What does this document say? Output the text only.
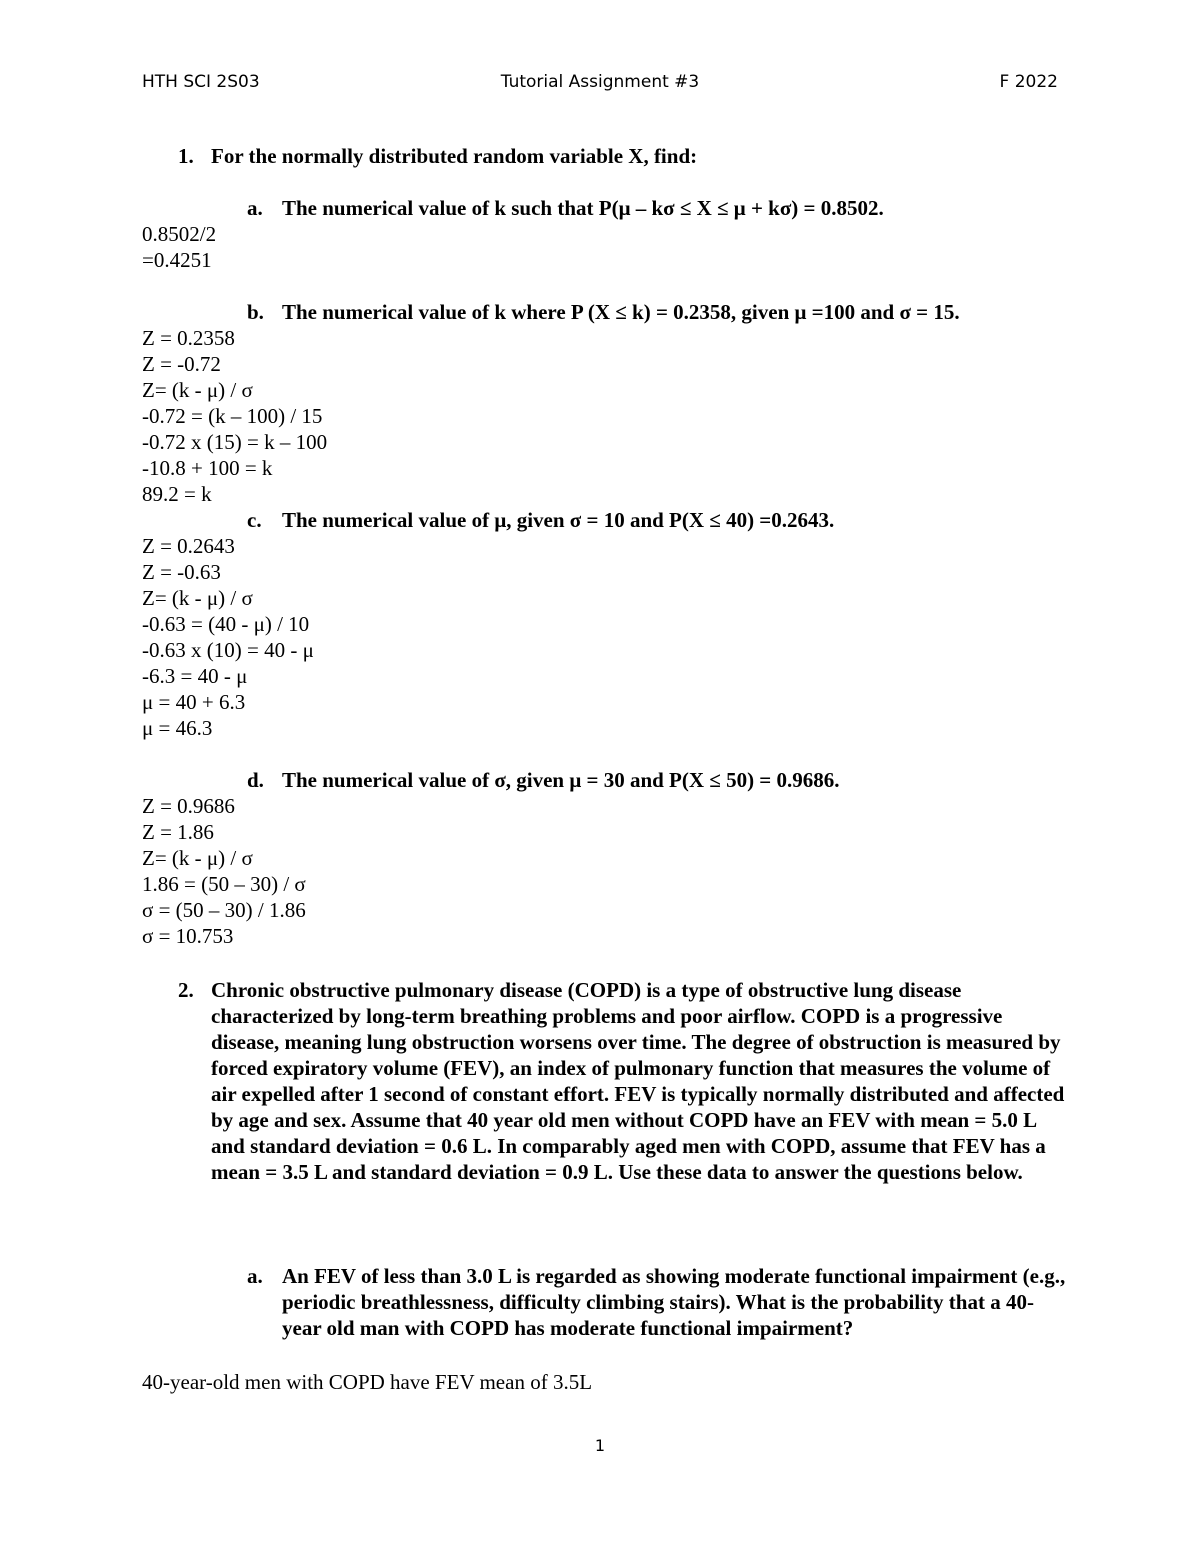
HTH SCI 2S03	Tutorial Assignment #3	F 2022
1. For the normally distributed random variable X, find:
a. The numerical value of k such that P(μ – kσ ≤ X ≤ μ + kσ) = 0.8502.
0.8502/2
=0.4251
b. The numerical value of k where P (X ≤ k) = 0.2358, given μ =100 and σ = 15.
Z = 0.2358
Z = -0.72
Z= (k - μ) / σ
-0.72 = (k – 100) / 15
-0.72 x (15) = k – 100
-10.8 + 100 = k
89.2 = k
c. The numerical value of μ, given σ = 10 and P(X ≤ 40) =0.2643.
Z = 0.2643
Z = -0.63
Z= (k - μ) / σ
-0.63 = (40 - μ) / 10
-0.63 x (10) = 40 - μ
-6.3 = 40 - μ
μ = 40 + 6.3
μ = 46.3
d. The numerical value of σ, given μ = 30 and P(X ≤ 50) = 0.9686.
Z = 0.9686
Z = 1.86
Z= (k - μ) / σ
1.86 = (50 – 30) / σ
σ = (50 – 30) / 1.86
σ = 10.753
2. Chronic obstructive pulmonary disease (COPD) is a type of obstructive lung disease characterized by long-term breathing problems and poor airflow. COPD is a progressive disease, meaning lung obstruction worsens over time. The degree of obstruction is measured by forced expiratory volume (FEV), an index of pulmonary function that measures the volume of air expelled after 1 second of constant effort. FEV is typically normally distributed and affected by age and sex. Assume that 40 year old men without COPD have an FEV with mean = 5.0 L and standard deviation = 0.6 L. In comparably aged men with COPD, assume that FEV has a mean = 3.5 L and standard deviation = 0.9 L. Use these data to answer the questions below.
a. An FEV of less than 3.0 L is regarded as showing moderate functional impairment (e.g., periodic breathlessness, difficulty climbing stairs). What is the probability that a 40-year old man with COPD has moderate functional impairment?
40-year-old men with COPD have FEV mean of 3.5L
1
